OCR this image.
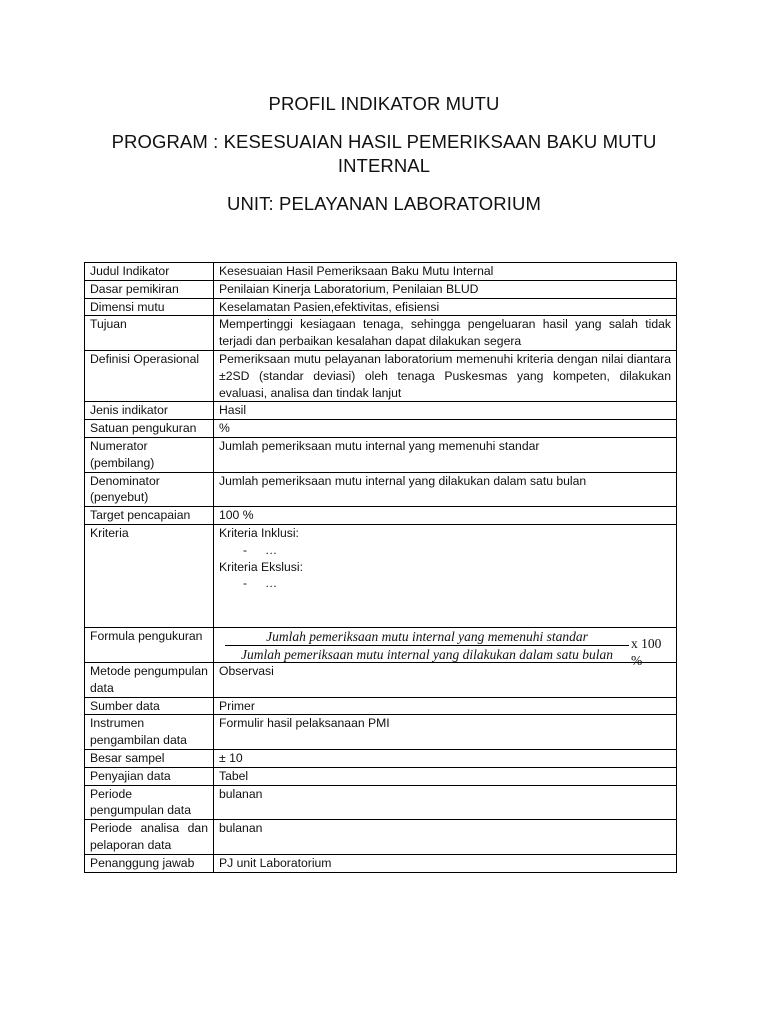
PROFIL INDIKATOR MUTU
PROGRAM : KESESUAIAN HASIL PEMERIKSAAN BAKU MUTU
INTERNAL
UNIT: PELAYANAN LABORATORIUM
Judul Indikator	Kesesuaian Hasil Pemeriksaan Baku Mutu Internal
Dasar pemikiran	Penilaian Kinerja Laboratorium, Penilaian BLUD
Dimensi mutu	Keselamatan Pasien,efektivitas, efisiensi
Tujuan	Mempertinggi kesiagaan tenaga, sehingga pengeluaran hasil yang salah tidak terjadi dan perbaikan kesalahan dapat dilakukan segera
Definisi Operasional	Pemeriksaan mutu pelayanan laboratorium memenuhi kriteria dengan nilai diantara ±2SD (standar deviasi) oleh tenaga Puskesmas yang kompeten, dilakukan evaluasi, analisa dan tindak lanjut
Jenis indikator	Hasil
Satuan pengukuran	%
Numerator (pembilang)	Jumlah pemeriksaan mutu internal yang memenuhi standar
Denominator (penyebut)	Jumlah pemeriksaan mutu internal yang dilakukan dalam satu bulan
Target pencapaian	100 %
Kriteria	Kriteria Inklusi:
- …
Kriteria Ekslusi:
- …

Formula pengukuran	Jumlah pemeriksaan mutu internal yang memenuhi standar
Jumlah pemeriksaan mutu internal yang dilakukan dalam satu bulan
x 100 %

Metode pengumpulan data	Observasi
Sumber data	Primer
Instrumen pengambilan data	Formulir hasil pelaksanaan PMI
Besar sampel	± 10
Penyajian data	Tabel
Periode pengumpulan data	bulanan
Periode analisa dan pelaporan data	bulanan
Penanggung jawab	PJ unit Laboratorium
